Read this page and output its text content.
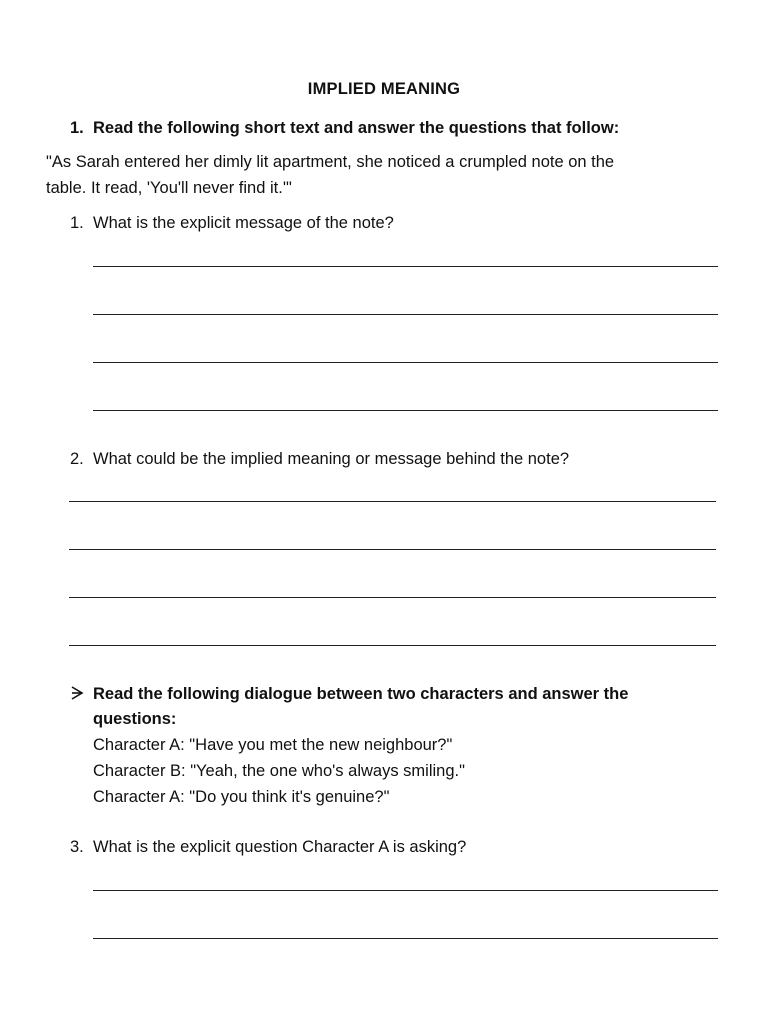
IMPLIED MEANING
1. Read the following short text and answer the questions that follow:
"As Sarah entered her dimly lit apartment, she noticed a crumpled note on the
table. It read, 'You'll never find it.'"
1. What is the explicit message of the note?
2. What could be the implied meaning or message behind the note?
Read the following dialogue between two characters and answer the
questions:
Character A: "Have you met the new neighbour?"
Character B: "Yeah, the one who's always smiling."
Character A: "Do you think it's genuine?"
3. What is the explicit question Character A is asking?
